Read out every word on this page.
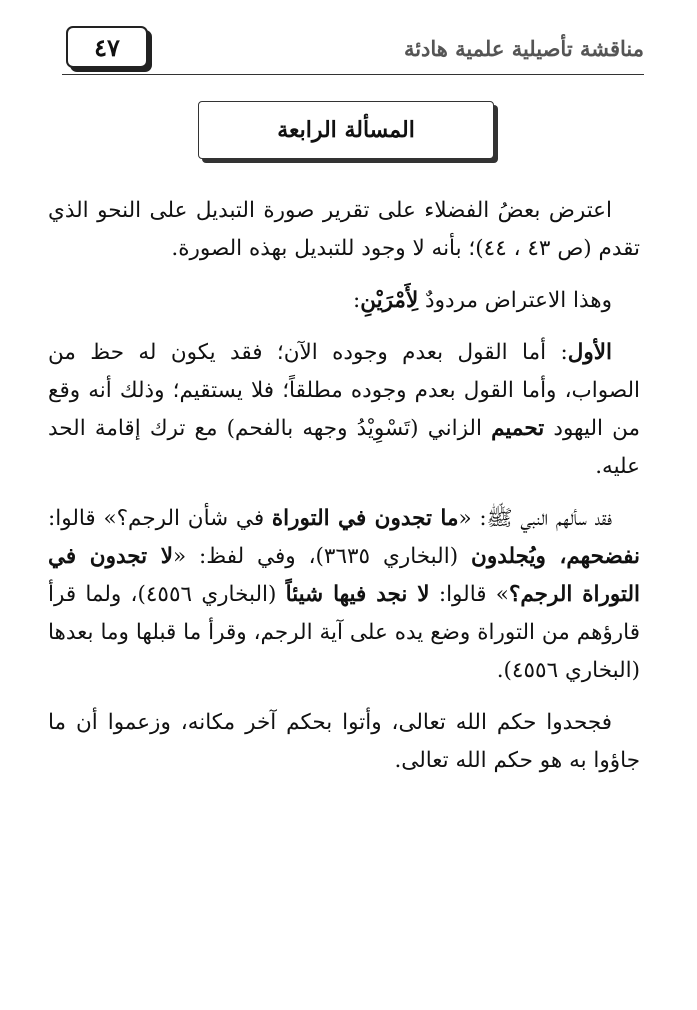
٤٧	مناقشة تأصيلية علمية هادئة
المسألة الرابعة

اعترض بعضُ الفضلاء على تقرير صورة التبديل على النحو الذي تقدم (ص ٤٣ ، ٤٤)؛ بأنه لا وجود للتبديل بهذه الصورة.

وهذا الاعتراض مردودٌ لِأَمْرَيْنِ:

الأول: أما القول بعدم وجوده الآن؛ فقد يكون له حظ من الصواب، وأما القول بعدم وجوده مطلقاً؛ فلا يستقيم؛ وذلك أنه وقع من اليهود تحميم الزاني (تَسْوِيْدُ وجهه بالفحم) مع ترك إقامة الحد عليه.

فقد سألهم النبي ﷺ: «ما تجدون في التوراة في شأن الرجم؟» قالوا: نفضحهم، ويُجلدون (البخاري ٣٦٣٥)، وفي لفظ: «لا تجدون في التوراة الرجم؟» قالوا: لا نجد فيها شيئاً (البخاري ٤٥٥٦)، ولما قرأ قارؤهم من التوراة وضع يده على آية الرجم، وقرأ ما قبلها وما بعدها (البخاري ٤٥٥٦).

فجحدوا حكم الله تعالى، وأتوا بحكم آخر مكانه، وزعموا أن ما جاؤوا به هو حكم الله تعالى.
